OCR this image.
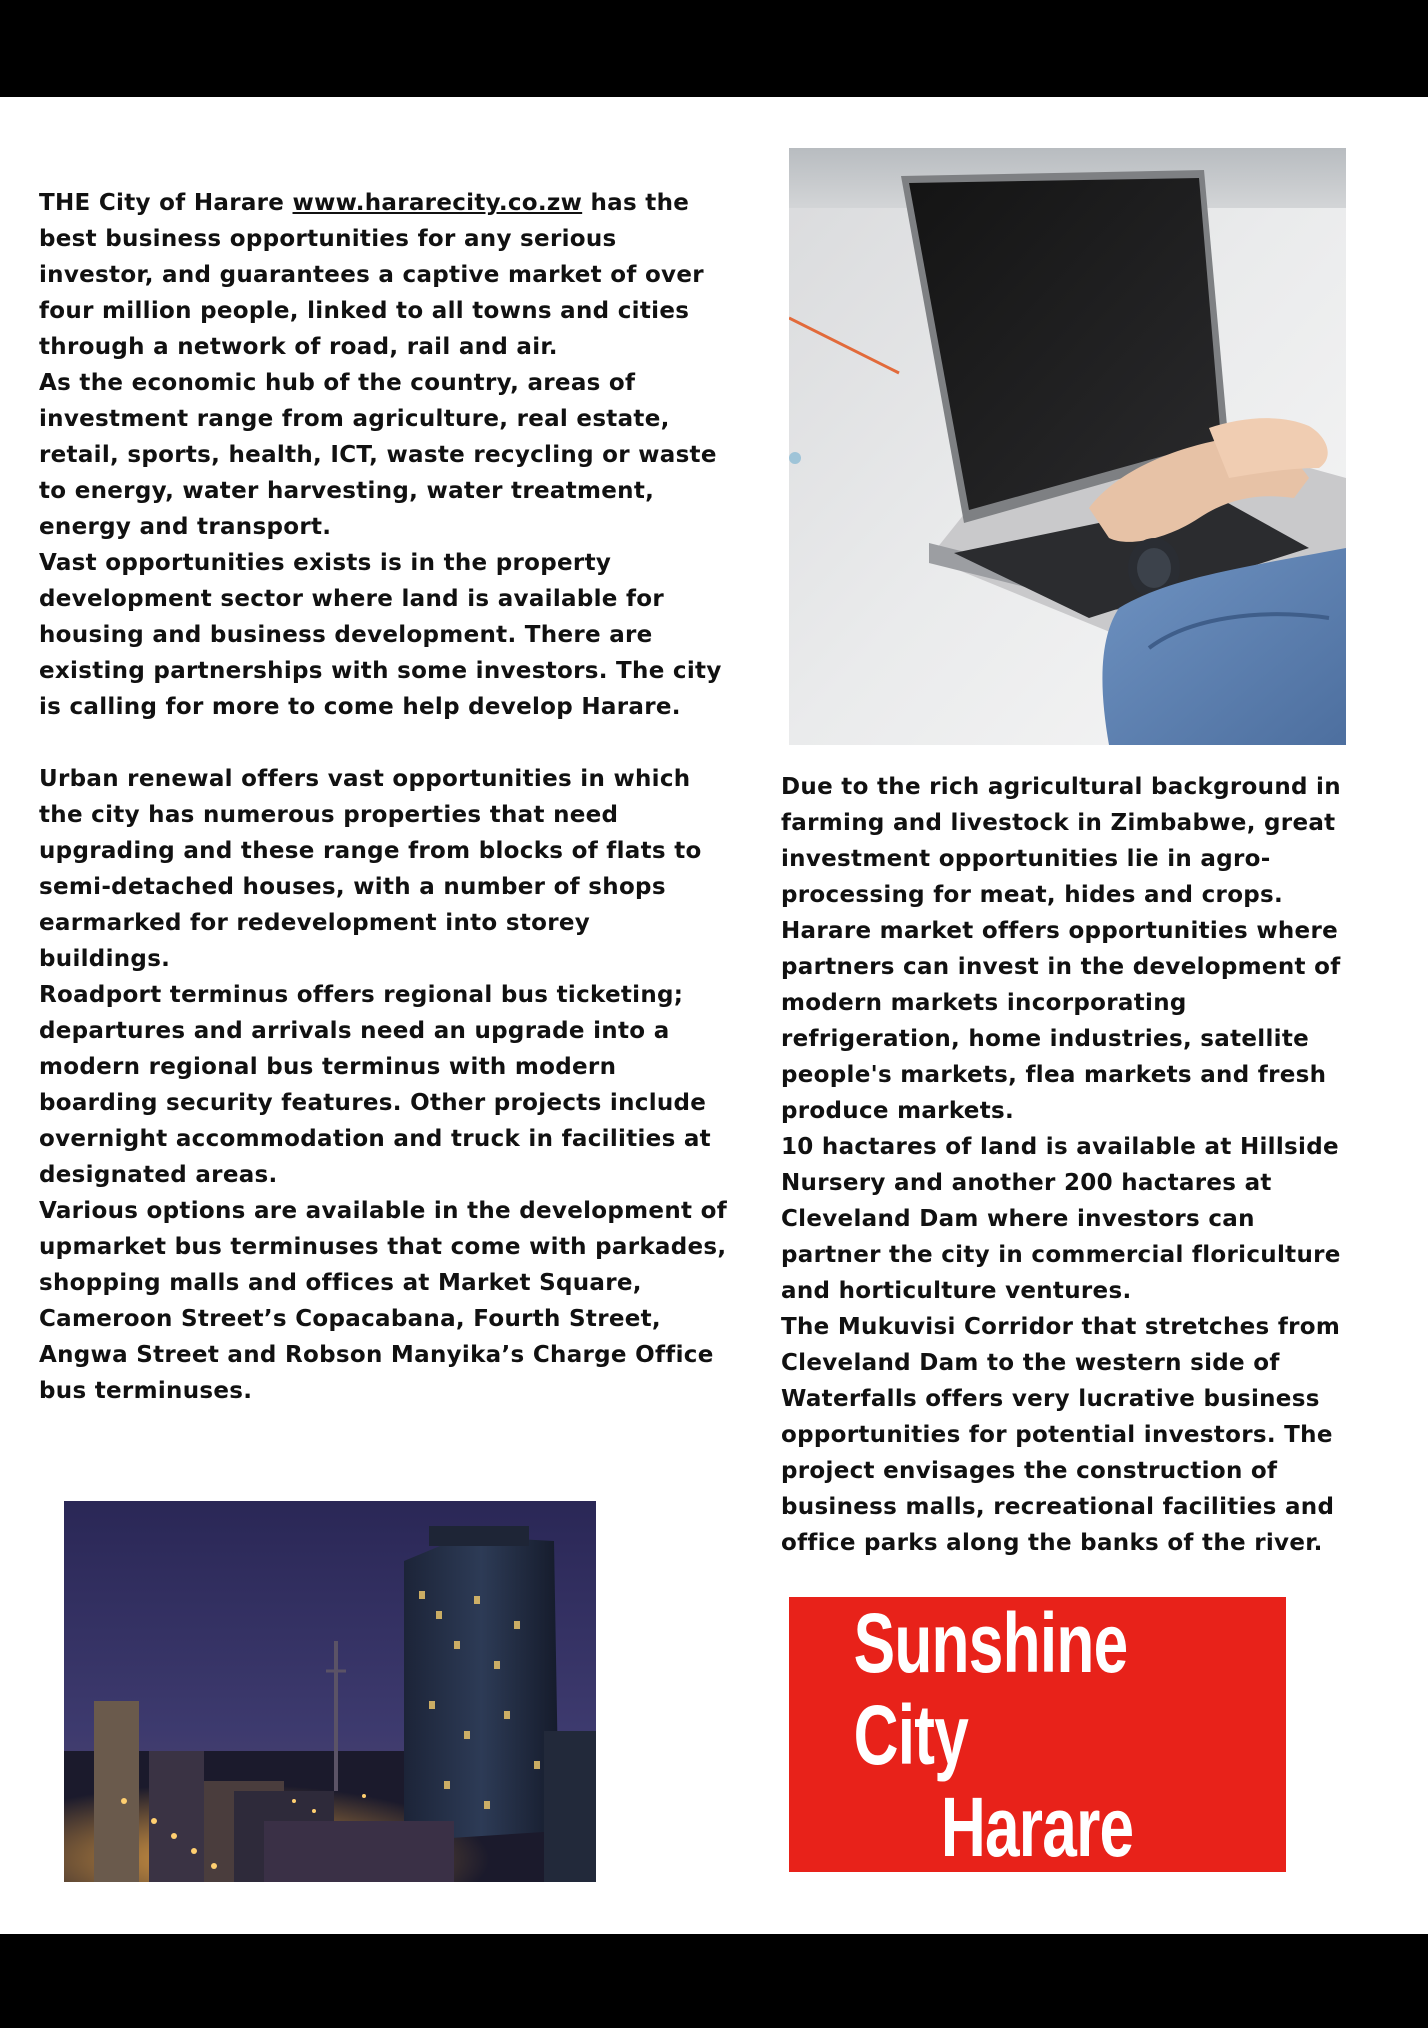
THE City of Harare www.hararecity.co.zw has the best business opportunities for any serious investor, and guarantees a captive market of over four million people, linked to all towns and cities through a network of road, rail and air.

As the economic hub of the country, areas of investment range from agriculture, real estate, retail, sports, health, ICT, waste recycling or waste to energy, water harvesting, water treatment, energy and transport.

Vast opportunities exists is in the property development sector where land is available for housing and business development. There are existing partnerships with some investors. The city is calling for more to come help develop Harare.

Urban renewal offers vast opportunities in which the city has numerous properties that need upgrading and these range from blocks of flats to semi-detached houses, with a number of shops earmarked for redevelopment into storey buildings.

Roadport terminus offers regional bus ticketing; departures and arrivals need an upgrade into a modern regional bus terminus with modern boarding security features. Other projects include overnight accommodation and truck in facilities at designated areas.

Various options are available in the development of upmarket bus terminuses that come with parkades, shopping malls and offices at Market Square, Cameroon Street’s Copacabana, Fourth Street, Angwa Street and Robson Manyika’s Charge Office bus terminuses.

Due to the rich agricultural background in farming and livestock in Zimbabwe, great investment opportunities lie in agro-processing for meat, hides and crops.

Harare market offers opportunities where partners can invest in the development of modern markets incorporating refrigeration, home industries, satellite people's markets, flea markets and fresh produce markets.

10 hactares of land is available at Hillside Nursery and another 200 hactares at Cleveland Dam where investors can partner the city in commercial floriculture and horticulture ventures.

The Mukuvisi Corridor that stretches from Cleveland Dam to the western side of Waterfalls offers very lucrative business opportunities for potential investors. The project envisages the construction of business malls, recreational facilities and office parks along the banks of the river.

Sunshine City
Harare
